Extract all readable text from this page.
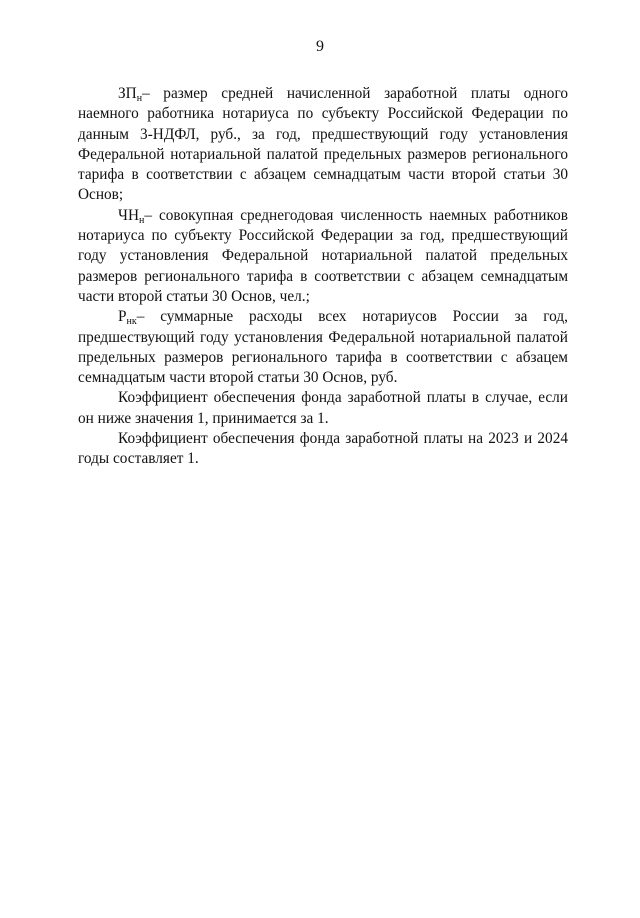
9

$ЗП_н-$ размер средней начисленной заработной платы одного наемного работника нотариуса по субъекту Российской Федерации по данным 3-НДФЛ, руб., за год, предшествующий году установления Федеральной нотариальной палатой предельных размеров регионального тарифа в соответствии с абзацем семнадцатым части второй статьи 30 Основ;

$ЧН_н-$ совокупная среднегодовая численность наемных работников нотариуса по субъекту Российской Федерации за год, предшествующий году установления Федеральной нотариальной палатой предельных размеров регионального тарифа в соответствии с абзацем семнадцатым части второй статьи 30 Основ, чел.;

$Р_{нк}-$ суммарные расходы всех нотариусов России за год, предшествующий году установления Федеральной нотариальной палатой предельных размеров регионального тарифа в соответствии с абзацем семнадцатым части второй статьи 30 Основ, руб.

Коэффициент обеспечения фонда заработной платы в случае, если он ниже значения 1, принимается за 1.

Коэффициент обеспечения фонда заработной платы на 2023 и 2024 годы составляет 1.
